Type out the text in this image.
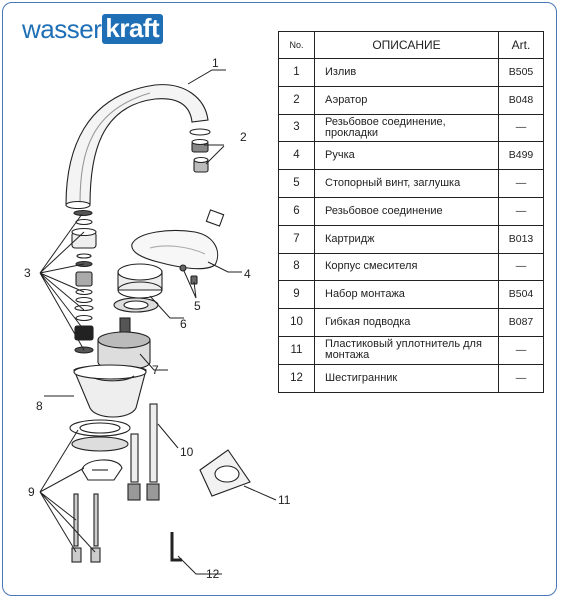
wasser kraft
1
2
3	4
5
6
7
8
9
10
11
12
No.	ОПИСАНИЕ	Art.
1	Излив	B505
2	Аэратор	B048
3	Резьбовое соединение, прокладки	—
4	Ручка	B499
5	Стопорный винт, заглушка	—
6	Резьбовое соединение	—
7	Картридж	B013
8	Корпус смесителя	—
9	Набор монтажа	B504
10	Гибкая подводка	B087
11	Пластиковый уплотнитель для монтажа	—
12	Шестигранник	—
